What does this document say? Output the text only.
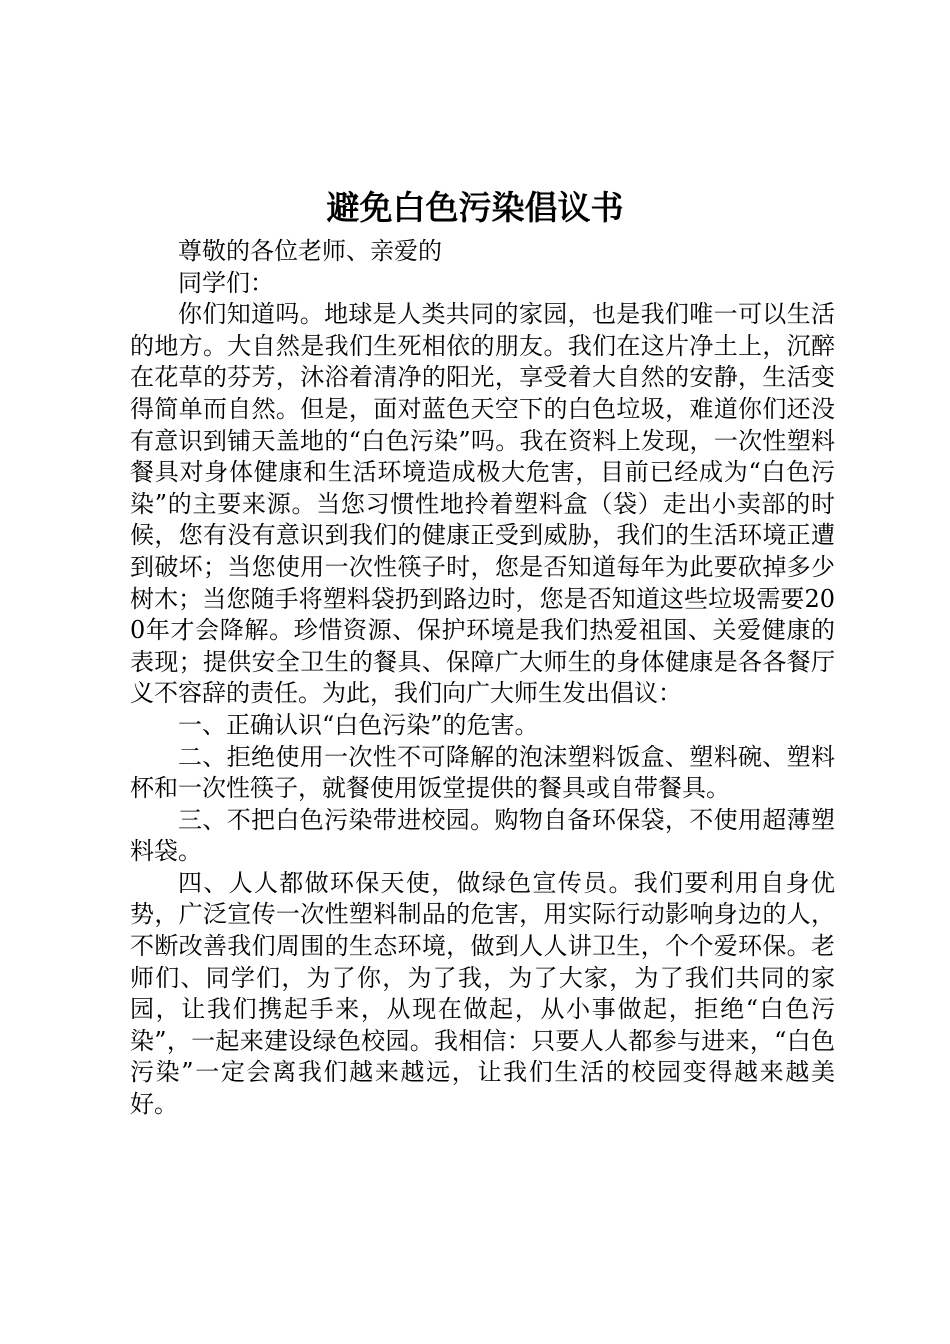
避免白色污染倡议书

尊敬的各位老师、亲爱的

同学们：

你们知道吗。地球是人类共同的家园，也是我们唯一可以生活的地方。大自然是我们生死相依的朋友。我们在这片净土上，沉醉在花草的芬芳，沐浴着清净的阳光，享受着大自然的安静，生活变得简单而自然。但是，面对蓝色天空下的白色垃圾，难道你们还没有意识到铺天盖地的“白色污染”吗。我在资料上发现，一次性塑料餐具对身体健康和生活环境造成极大危害，目前已经成为“白色污染”的主要来源。当您习惯性地拎着塑料盒（袋）走出小卖部的时候，您有没有意识到我们的健康正受到威胁，我们的生活环境正遭到破坏；当您使用一次性筷子时，您是否知道每年为此要砍掉多少树木；当您随手将塑料袋扔到路边时，您是否知道这些垃圾需要200年才会降解。珍惜资源、保护环境是我们热爱祖国、关爱健康的表现；提供安全卫生的餐具、保障广大师生的身体健康是各各餐厅义不容辞的责任。为此，我们向广大师生发出倡议：

一、正确认识“白色污染”的危害。

二、拒绝使用一次性不可降解的泡沫塑料饭盒、塑料碗、塑料杯和一次性筷子，就餐使用饭堂提供的餐具或自带餐具。

三、不把白色污染带进校园。购物自备环保袋，不使用超薄塑料袋。

四、人人都做环保天使，做绿色宣传员。我们要利用自身优势，广泛宣传一次性塑料制品的危害，用实际行动影响身边的人，不断改善我们周围的生态环境，做到人人讲卫生，个个爱环保。老师们、同学们，为了你，为了我，为了大家，为了我们共同的家园，让我们携起手来，从现在做起，从小事做起，拒绝“白色污染”，一起来建设绿色校园。我相信：只要人人都参与进来，“白色污染”一定会离我们越来越远，让我们生活的校园变得越来越美好。
